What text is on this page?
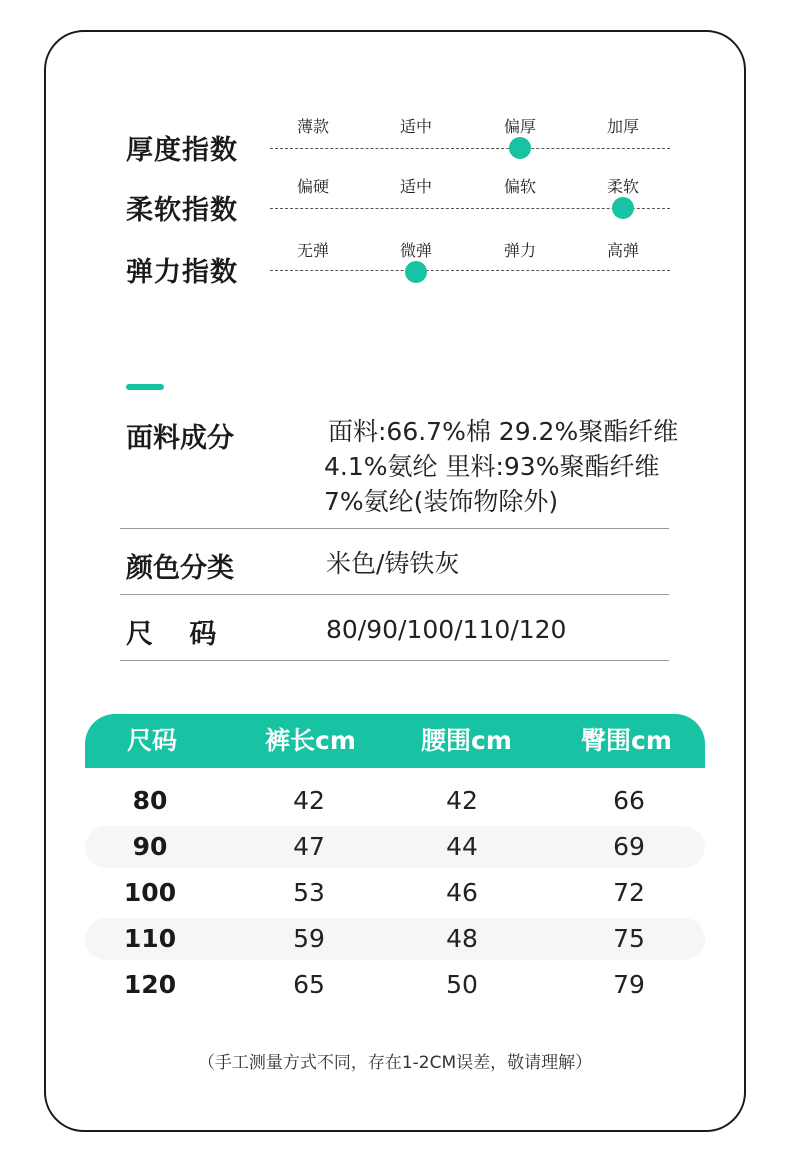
厚度指数
薄款	适中	偏厚	加厚
柔软指数
偏硬	适中	偏软	柔软
弹力指数
无弹	微弹	弹力	高弹
面料成分	面料:66.7%棉 29.2%聚酯纤维
4.1%氨纶 里料:93%聚酯纤维
7%氨纶(装饰物除外)
颜色分类	米色/铸铁灰
尺　 码	80/90/100/110/120
尺码	裤长cm	腰围cm	臀围cm
80	42	42	66
90	47	44	69
100	53	46	72
110	59	48	75
120	65	50	79
（手工测量方式不同，存在1-2CM误差，敬请理解）
